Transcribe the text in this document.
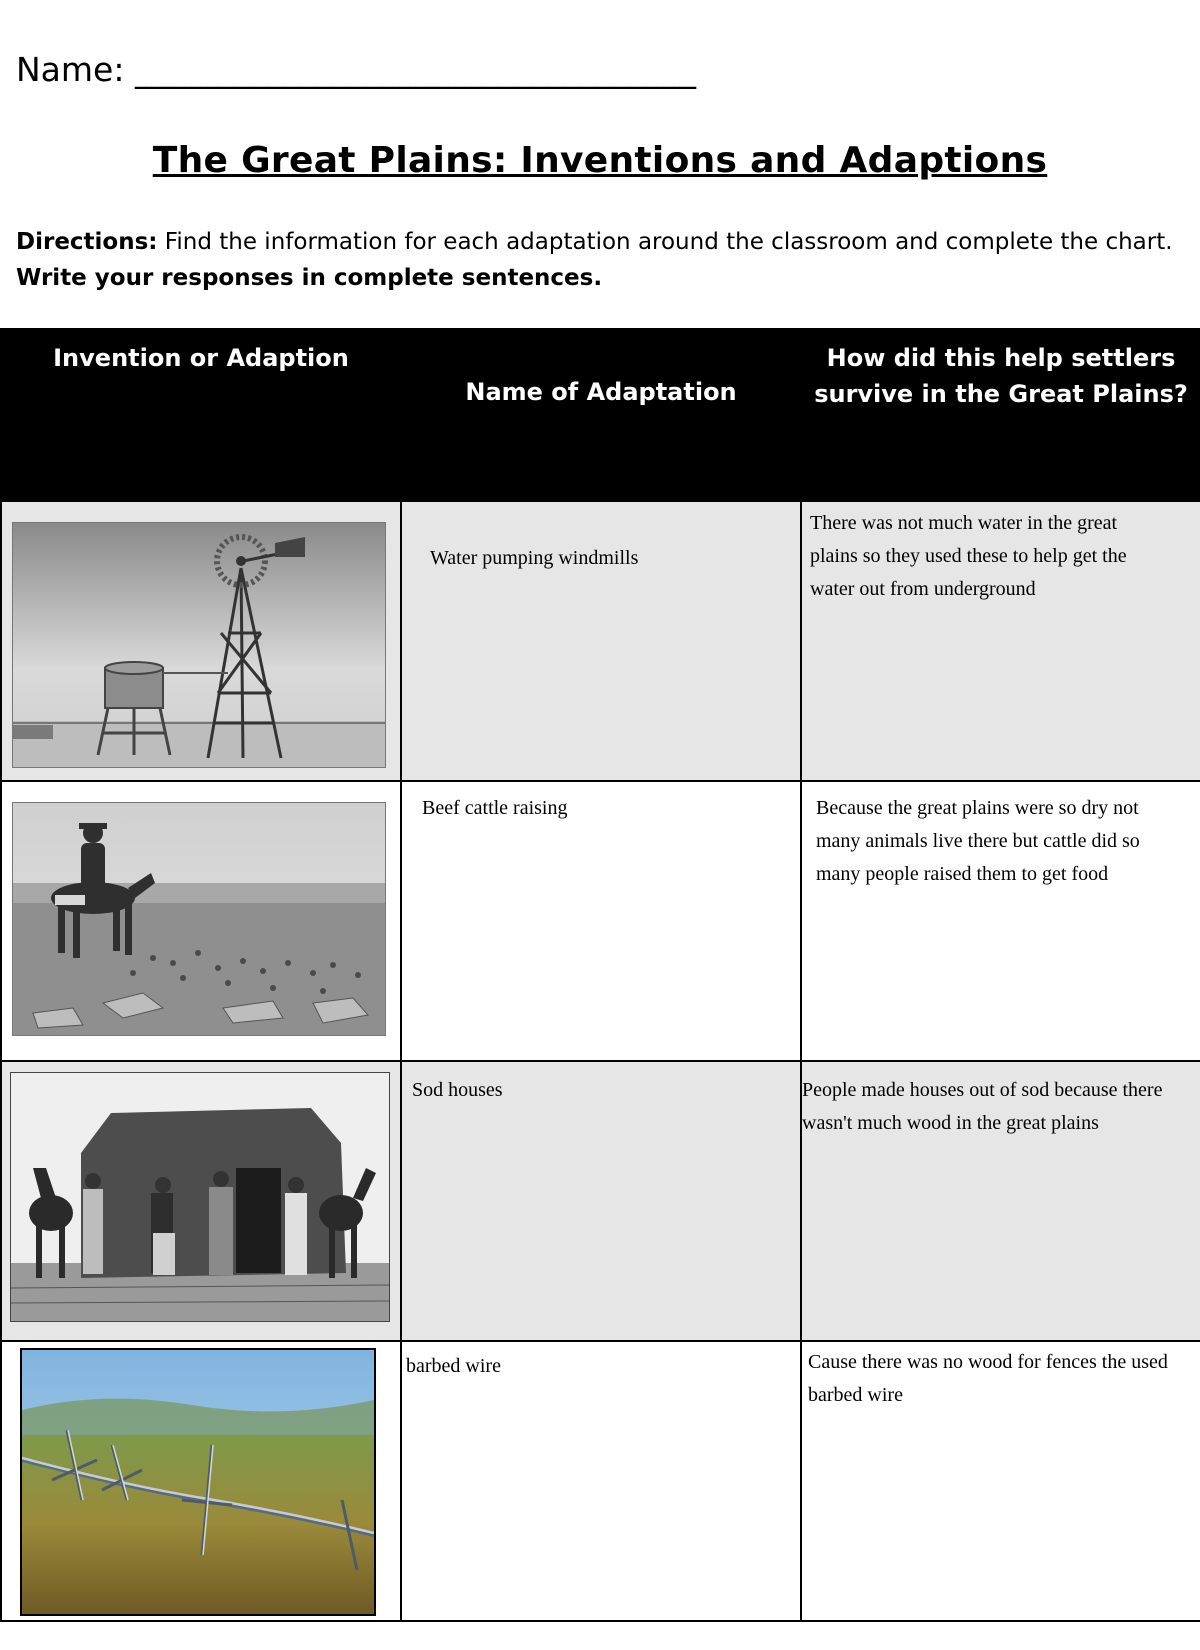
Name: __________________________________
The Great Plains: Inventions and Adaptions
Directions: Find the information for each adaptation around the classroom and complete the chart. Write your responses in complete sentences.
Invention or Adaption	Name of Adaptation	How did this help settlers survive in the Great Plains?

Water pumping windmills	There was not much water in the great plains so they used these to help get the water out from underground

Beef cattle raising	Because the great plains were so dry not many animals live there but cattle did so many people raised them to get food

Sod houses	People made houses out of sod because there wasn't much wood in the great plains

barbed wire	Cause there was no wood for fences the used barbed wire
